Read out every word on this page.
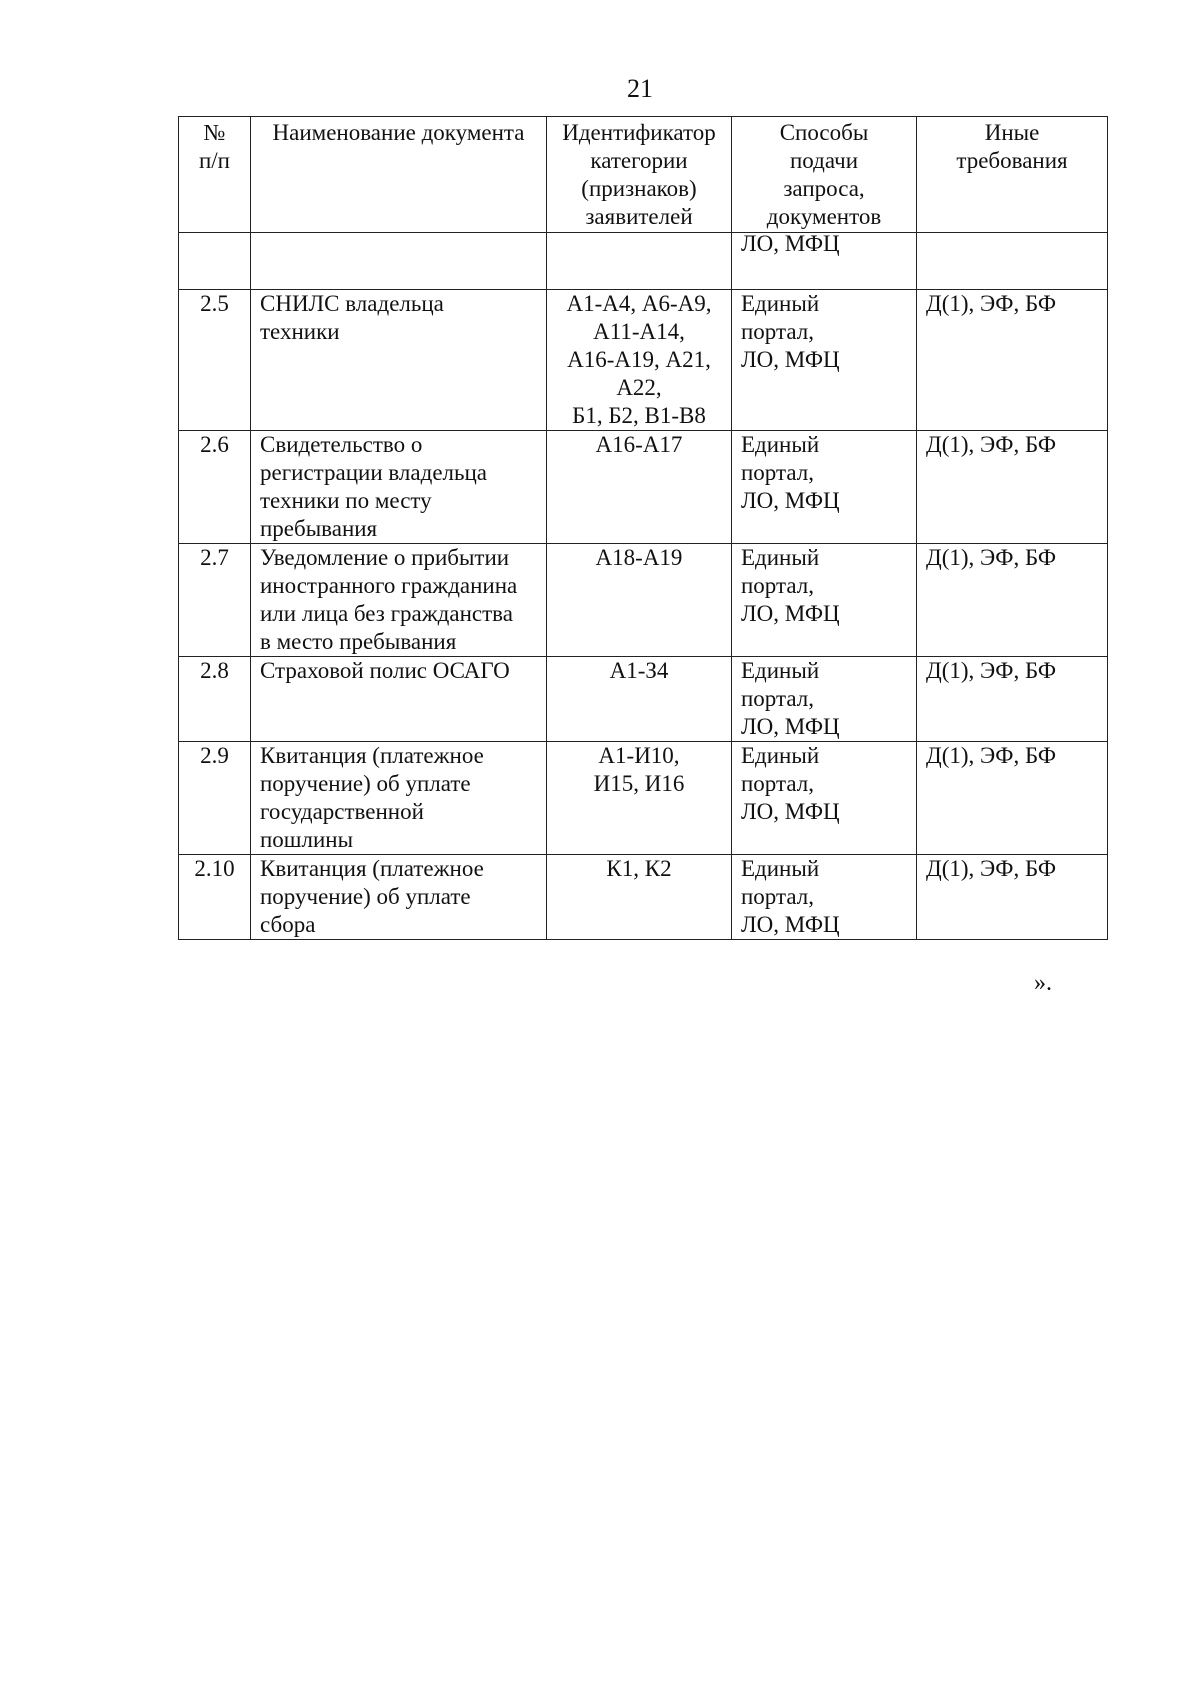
21
№
п/п	Наименование документа	Идентификатор
категории
(признаков)
заявителей	Способы
подачи
запроса,
документов	Иные
требования

			ЛО, МФЦ	

2.5	СНИЛС владельца
техники	А1-А4, А6-А9,
А11-А14,
А16-А19, А21,
А22,
Б1, Б2, В1-В8	Единый
портал,
ЛО, МФЦ	Д(1), ЭФ, БФ

2.6	Свидетельство о
регистрации владельца
техники по месту
пребывания	А16-А17	Единый
портал,
ЛО, МФЦ	Д(1), ЭФ, БФ

2.7	Уведомление о прибытии
иностранного гражданина
или лица без гражданства
в место пребывания	А18-А19	Единый
портал,
ЛО, МФЦ	Д(1), ЭФ, БФ

2.8	Страховой полис ОСАГО	А1-З4	Единый
портал,
ЛО, МФЦ	Д(1), ЭФ, БФ

2.9	Квитанция (платежное
поручение) об уплате
государственной
пошлины	А1-И10,
И15, И16	Единый
портал,
ЛО, МФЦ	Д(1), ЭФ, БФ

2.10	Квитанция (платежное
поручение) об уплате
сбора	К1, К2	Единый
портал,
ЛО, МФЦ	Д(1), ЭФ, БФ
».
